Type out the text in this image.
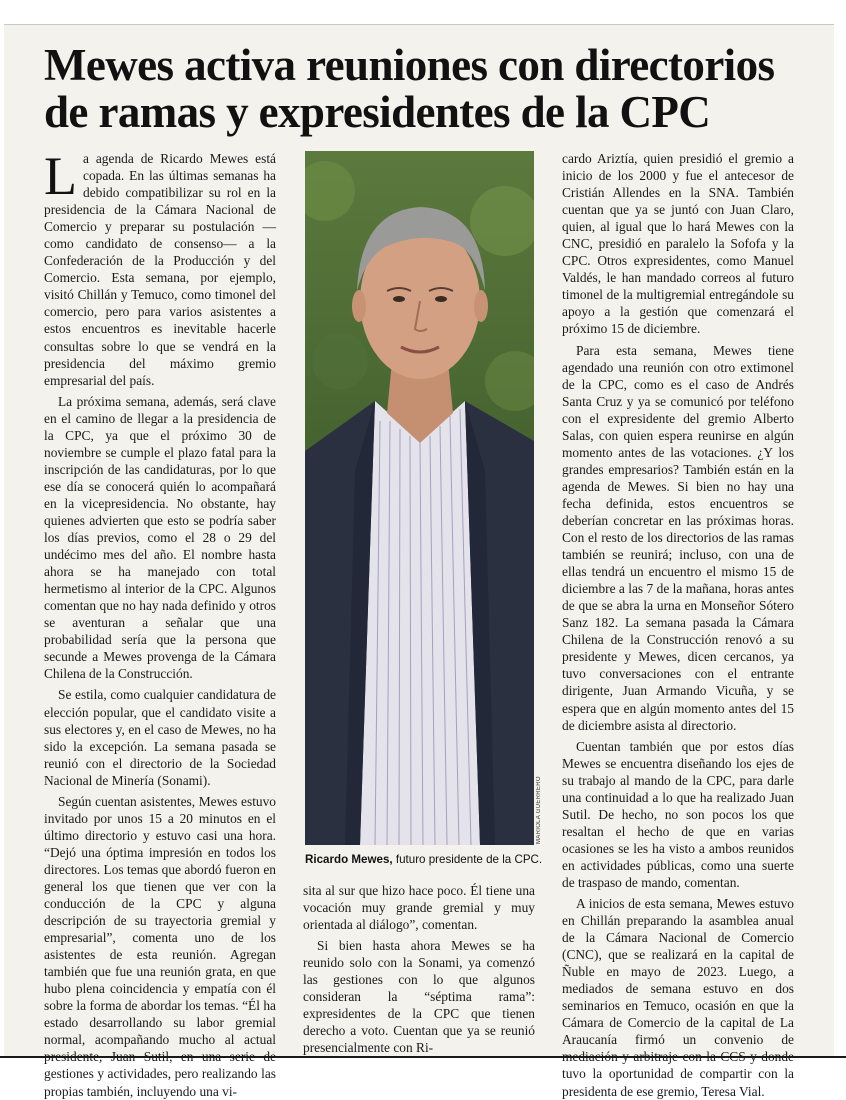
Mewes activa reuniones con directorios de ramas y expresidentes de la CPC

La agenda de Ricardo Mewes está copada. En las últimas semanas ha debido compatibilizar su rol en la presidencia de la Cámara Nacional de Comercio y preparar su postulación —como candidato de consenso— a la Confederación de la Producción y del Comercio. Esta semana, por ejemplo, visitó Chillán y Temuco, como timonel del comercio, pero para varios asistentes a estos encuentros es inevitable hacerle consultas sobre lo que se vendrá en la presidencia del máximo gremio empresarial del país.

La próxima semana, además, será clave en el camino de llegar a la presidencia de la CPC, ya que el próximo 30 de noviembre se cumple el plazo fatal para la inscripción de las candidaturas, por lo que ese día se conocerá quién lo acompañará en la vicepresidencia. No obstante, hay quienes advierten que esto se podría saber los días previos, como el 28 o 29 del undécimo mes del año. El nombre hasta ahora se ha manejado con total hermetismo al interior de la CPC. Algunos comentan que no hay nada definido y otros se aventuran a señalar que una probabilidad sería que la persona que secunde a Mewes provenga de la Cámara Chilena de la Construcción.

Se estila, como cualquier candidatura de elección popular, que el candidato visite a sus electores y, en el caso de Mewes, no ha sido la excepción. La semana pasada se reunió con el directorio de la Sociedad Nacional de Minería (Sonami).

Según cuentan asistentes, Mewes estuvo invitado por unos 15 a 20 minutos en el último directorio y estuvo casi una hora. “Dejó una óptima impresión en todos los directores. Los temas que abordó fueron en general los que tienen que ver con la conducción de la CPC y alguna descripción de su trayectoria gremial y empresarial”, comenta uno de los asistentes de esta reunión. Agregan también que fue una reunión grata, en que hubo plena coincidencia y empatía con él sobre la forma de abordar los temas. “Él ha estado desarrollando su labor gremial normal, acompañando mucho al actual gestiones y actividades, pero realizando las propias también, incluyendo una vi-

MARIOLA GUERRERO
Ricardo Mewes, futuro presidente de la CPC.

sita al sur que hizo hace poco. Él tiene una vocación muy grande gremial y muy orientada al diálogo”, comentan.

Si bien hasta ahora Mewes se ha reunido solo con la Sonami, ya comenzó las gestiones con lo que algunos consideran la “séptima rama”: expresidentes de la CPC que tienen derecho a voto. Cuentan que ya se reunió presencialmente con Ri-

cardo Ariztía, quien presidió el gremio a inicio de los 2000 y fue el antecesor de Cristián Allendes en la SNA. También cuentan que ya se juntó con Juan Claro, quien, al igual que lo hará Mewes con la CNC, presidió en paralelo la Sofofa y la CPC. Otros expresidentes, como Manuel Valdés, le han mandado correos al futuro timonel de la multigremial entregándole su apoyo a la gestión que comenzará el próximo 15 de diciembre.

Para esta semana, Mewes tiene agendado una reunión con otro extimonel de la CPC, como es el caso de Andrés Santa Cruz y ya se comunicó por teléfono con el expresidente del gremio Alberto Salas, con quien espera reunirse en algún momento antes de las votaciones. ¿Y los grandes empresarios? También están en la agenda de Mewes. Si bien no hay una fecha definida, estos encuentros se deberían concretar en las próximas horas. Con el resto de los directorios de las ramas también se reunirá; incluso, con una de ellas tendrá un encuentro el mismo 15 de diciembre a las 7 de la mañana, horas antes de que se abra la urna en Monseñor Sótero Sanz 182. La semana pasada la Cámara Chilena de la Construcción renovó a su presidente y Mewes, dicen cercanos, ya tuvo conversaciones con el entrante dirigente, Juan Armando Vicuña, y se espera que en algún momento antes del 15 de diciembre asista al directorio.

Cuentan también que por estos días Mewes se encuentra diseñando los ejes de su trabajo al mando de la CPC, para darle una continuidad a lo que ha realizado Juan Sutil. De hecho, no son pocos los que resaltan el hecho de que en varias ocasiones se les ha visto a ambos reunidos en actividades públicas, como una suerte de traspaso de mando, comentan.

A inicios de esta semana, Mewes estuvo en Chillán preparando la asamblea anual de la Cámara Nacional de Comercio (CNC), que se realizará en la capital de Ñuble en mayo de 2023. Luego, a mediados de semana estuvo en dos seminarios en Temuco, ocasión en que la Cámara de Comercio de la capital de La Araucanía firmó un convenio de tuvo la oportunidad de compartir con la presidenta de ese gremio, Teresa Vial.
